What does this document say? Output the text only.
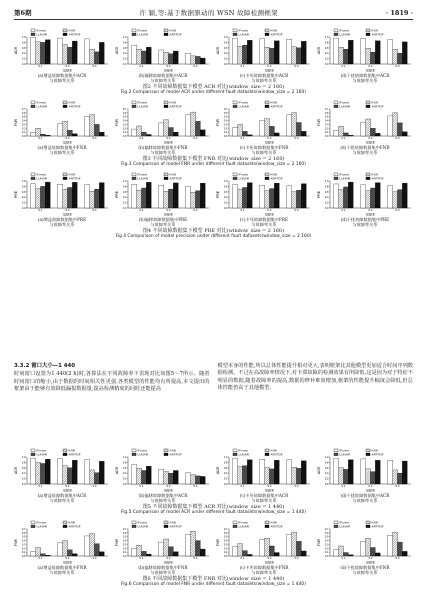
第6期	许 颖,等:基于数据驱动的 WSN 故障检测框架	· 1819 ·
iForest	KNN
LUNAR	ARTFDF
0.0
0.2
0.4
0.6
0.8
1.0
ACR
0.1	0.2	0.3
故障率
(a)增益故障数据集中ACR
与故障率关系
iForest	KNN
LUNAR	ARTFDF
0.0
0.2
0.4
0.6
0.8
1.0
ACR
0.1	0.2	0.3
故障率
(b)偏移故障数据集中ACR
与故障率关系
iForest	KNN
LUNAR	ARTFDF
0.0
0.2
0.4
0.6
0.8
1.0
ACR
0.1	0.2	0.3
故障率
(c)卡死故障数据集中ACR
与故障率关系
iForest	KNN
LUNAR	ARTFDF
0.0
0.2
0.4
0.6
0.8
1.0
ACR
0.1	0.2	0.3
故障率
(d)干扰故障数据集中ACR
与故障率关系
图2 不同故障数据集下模型 ACR 对比(window_size = 2 160)
Fig.2 Comparison of model ACR under different fault datasets(window_size = 2 160)
iForest	KNN
LUNAR	ARTFDF
0.0
0.1
0.2
0.3
0.4
0.5
0.6
0.7
FNR
0.1	0.2	0.3
故障率
(a)增益故障数据集中FNR
与故障率关系
iForest	KNN
LUNAR	ARTFDF
0.0
0.1
0.2
0.3
0.4
0.5
0.6
0.7
FNR
0.1	0.2	0.3
故障率
(b)偏移故障数据集中FNR
与故障率关系
iForest	KNN
LUNAR	ARTFDF
0.0
0.1
0.2
0.3
0.4
0.5
0.6
0.7
FNR
0.1	0.2	0.3
故障率
(c)卡死故障数据集中FNR
与故障率关系
iForest	KNN
LUNAR	ARTFDF
0.0
0.1
0.2
0.3
0.4
0.5
0.6
0.7
FNR
0.1	0.2	0.3
故障率
(d)干扰故障数据集中FNR
与故障率关系
图3 不同故障数据集下模型 FNR 对比(window_size = 2 160)
Fig.3 Comparison of model FNR under different fault datasets(window_size = 2 160)
iForest	KNN
LUNAR	ARTFDF
0.0
0.2
0.4
0.6
0.8
1.0
PRE
0.1	0.2	0.3
故障率
(a)增益故障数据集中PRE
与故障率关系
iForest	KNN
LUNAR	ARTFDF
0.0
0.2
0.4
0.6
0.8
1.0
PRE
0.1	0.2	0.3
故障率
(b)偏移故障数据集中PRE
与故障率关系
iForest	KNN
LUNAR	ARTFDF
0.0
0.2
0.4
0.6
0.8
1.0
PRE
0.1	0.2	0.3
故障率
(c)卡死故障数据集中PRE
与故障率关系
iForest	KNN
LUNAR	ARTFDF
0.0
0.2
0.4
0.6
0.8
1.0
PRE
0.1	0.2	0.3
故障率
(d)干扰故障数据集中PRE
与故障率关系
图4 不同故障数据集下模型 PRE 对比(window_size = 2 160)
Fig.4 Comparison of model precision under different fault datasets(window_size = 2 160)
iForest	KNN
LUNAR	ARTFDF
0.0
0.2
0.4
0.6
0.8
1.0
ACR
0.1	0.2	0.3
故障率
(a)增益故障数据集中ACR
与故障率关系
iForest	KNN
LUNAR	ARTFDF
0.0
0.2
0.4
0.6
0.8
1.0
ACR
0.1	0.2	0.3
故障率
(b)偏移故障数据集中ACR
与故障率关系
iForest	KNN
LUNAR	ARTFDF
0.0
0.2
0.4
0.6
0.8
1.0
ACR
0.1	0.2	0.3
故障率
(c)卡死故障数据集中ACR
与故障率关系
iForest	KNN
LUNAR	ARTFDF
0.0
0.2
0.4
0.6
0.8
1.0
ACR
0.1	0.2	0.3
故障率
(d)干扰故障数据集中ACR
与故障率关系
图5 不同故障数据集下模型 ACR 对比(window_size = 1 440)
Fig.5 Comparison of model ACR under different fault datasets(window_size = 1 440)
iForest	KNN
LUNAR	ARTFDF
0.0
0.1
0.2
0.3
0.4
0.5
0.6
0.7
FNR
0.1	0.2	0.3
故障率
(a)增益故障数据集中FNR
与故障率关系
iForest	KNN
LUNAR	ARTFDF
0.0
0.1
0.2
0.3
0.4
0.5
0.6
0.7
FNR
0.1	0.2	0.3
故障率
(b)偏移故障数据集中FNR
与故障率关系
iForest	KNN
LUNAR	ARTFDF
0.0
0.1
0.2
0.3
0.4
0.5
0.6
0.7
FNR
0.1	0.2	0.3
故障率
(c)卡死故障数据集中FNR
与故障率关系
iForest	KNN
LUNAR	ARTFDF
0.0
0.1
0.2
0.3
0.4
0.5
0.6
0.7
FNR
0.1	0.2	0.3
故障率
(d)干扰故障数据集中FNR
与故障率关系
图6 不同故障数据集下模型 FNR 对比(window_size = 1 440)
Fig.6 Comparison of model FNR under different fault datasets(window_size = 1 440)
3.3.2 窗口大小—1 440
时间窗口设置为1 440(2 h)时,各算法在不同故障率下表现对比如图5～7所示。随着时间窗口的缩小,由于数据的时间相关性更强,各类模型的性能均有所提高,本文提出的框架由于能够有效降低漏报数据量,提高检测精度的同时还能提高
模型本身的性能,所以总体性能提升相对更大,表明框架比其他模型更加适合时间序列数据检测。不过在高故障率情况下,对卡滞故障的检测效果有所降低,这是因为对于特征不明显的数据,随着故障率的提高,数据的修补难度增加,框架的性能提升幅度会降低,但总体性能仍高于其他模型。
